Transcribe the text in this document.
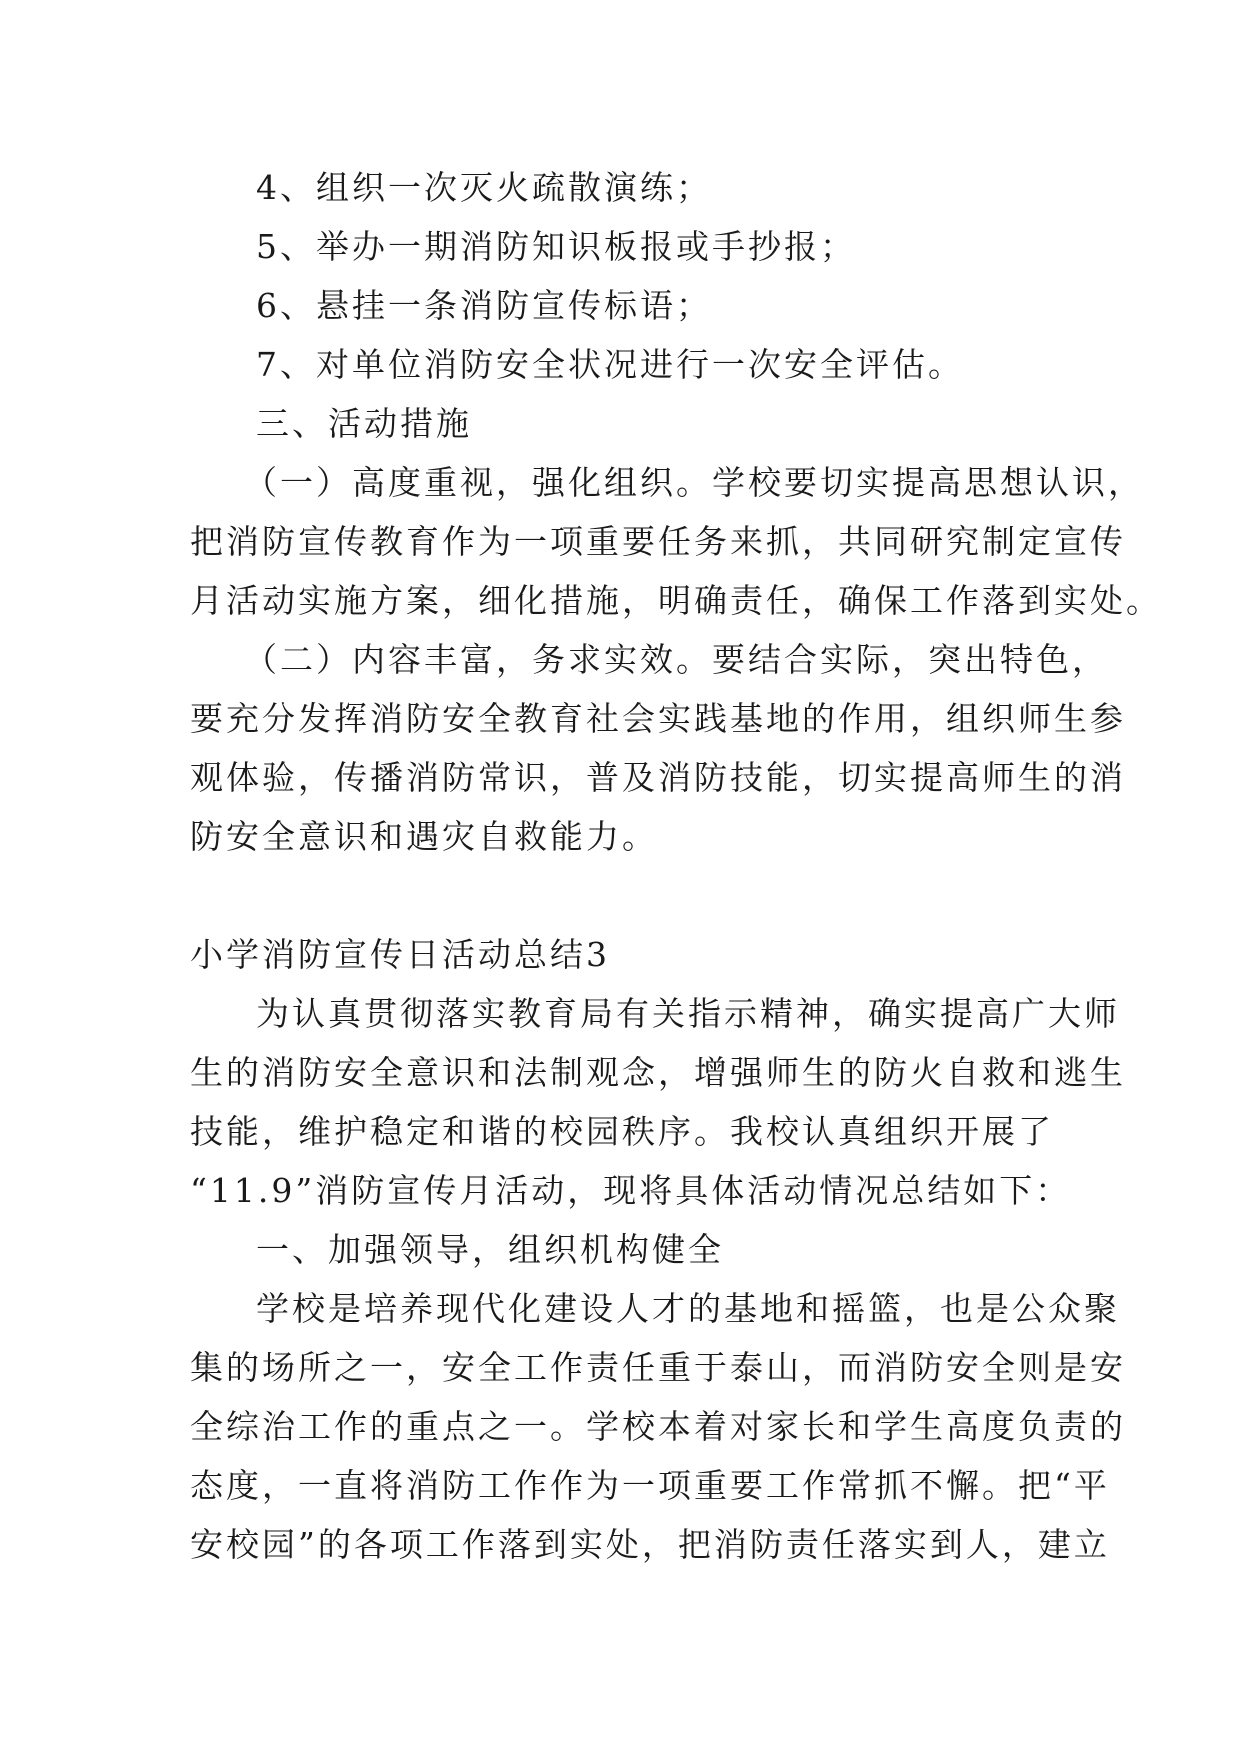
4、组织一次灭火疏散演练；
5、举办一期消防知识板报或手抄报；
6、悬挂一条消防宣传标语；
7、对单位消防安全状况进行一次安全评估。
三、活动措施
（一）高度重视，强化组织。学校要切实提高思想认识，
把消防宣传教育作为一项重要任务来抓，共同研究制定宣传
月活动实施方案，细化措施，明确责任，确保工作落到实处。
（二）内容丰富，务求实效。要结合实际，突出特色，
要充分发挥消防安全教育社会实践基地的作用，组织师生参
观体验，传播消防常识，普及消防技能，切实提高师生的消
防安全意识和遇灾自救能力。
小学消防宣传日活动总结3
为认真贯彻落实教育局有关指示精神，确实提高广大师
生的消防安全意识和法制观念，增强师生的防火自救和逃生
技能，维护稳定和谐的校园秩序。我校认真组织开展了
“11.9”消防宣传月活动，现将具体活动情况总结如下：
一、加强领导，组织机构健全
学校是培养现代化建设人才的基地和摇篮，也是公众聚
集的场所之一，安全工作责任重于泰山，而消防安全则是安
全综治工作的重点之一。学校本着对家长和学生高度负责的
态度，一直将消防工作作为一项重要工作常抓不懈。把“平
安校园”的各项工作落到实处，把消防责任落实到人，建立
